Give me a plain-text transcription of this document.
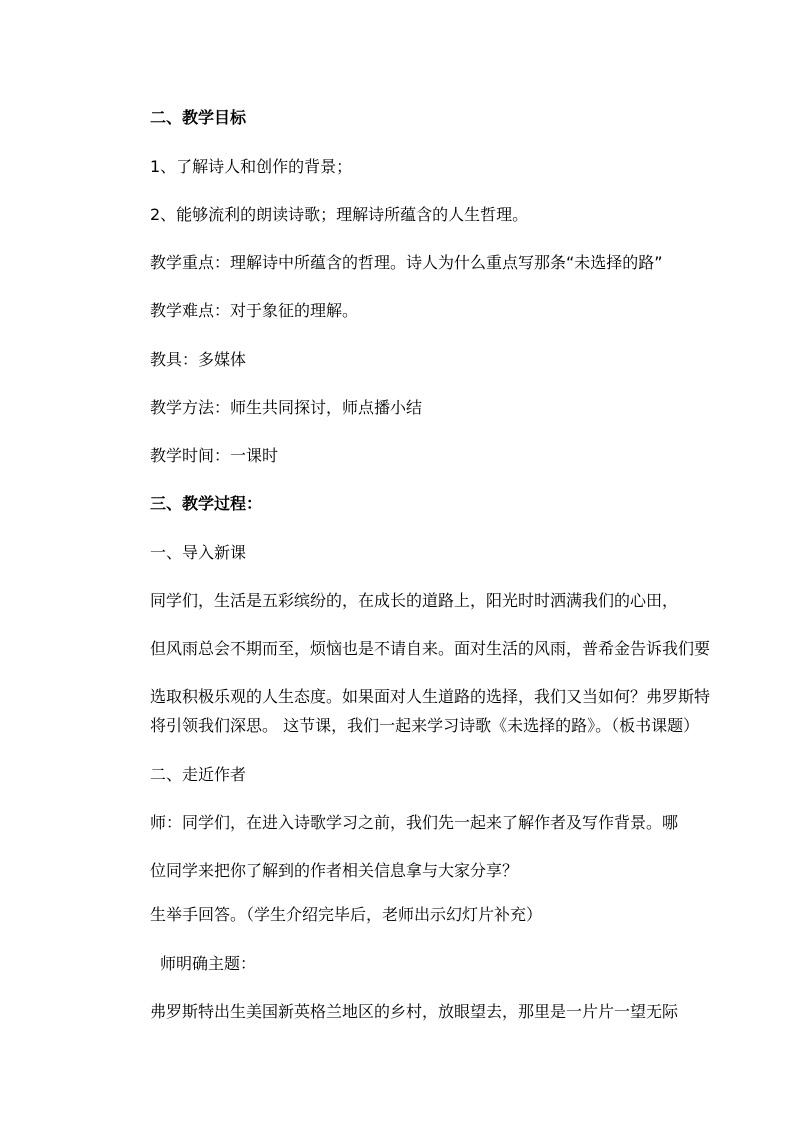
二、教学目标
1、了解诗人和创作的背景；
2、能够流利的朗读诗歌；理解诗所蕴含的人生哲理。
教学重点：理解诗中所蕴含的哲理。诗人为什么重点写那条“未选择的路”
教学难点：对于象征的理解。
教具：多媒体
教学方法：师生共同探讨，师点播小结
教学时间：一课时
三、教学过程：
一、导入新课
同学们，生活是五彩缤纷的，在成长的道路上，阳光时时洒满我们的心田，
但风雨总会不期而至，烦恼也是不请自来。面对生活的风雨，普希金告诉我们要
选取积极乐观的人生态度。如果面对人生道路的选择，我们又当如何？弗罗斯特
将引领我们深思。 这节课，我们一起来学习诗歌《未选择的路》。（板书课题）
二、走近作者
师：同学们，在进入诗歌学习之前，我们先一起来了解作者及写作背景。哪
位同学来把你了解到的作者相关信息拿与大家分享？
生举手回答。（学生介绍完毕后，老师出示幻灯片补充）
师明确主题：
弗罗斯特出生美国新英格兰地区的乡村，放眼望去，那里是一片片一望无际
